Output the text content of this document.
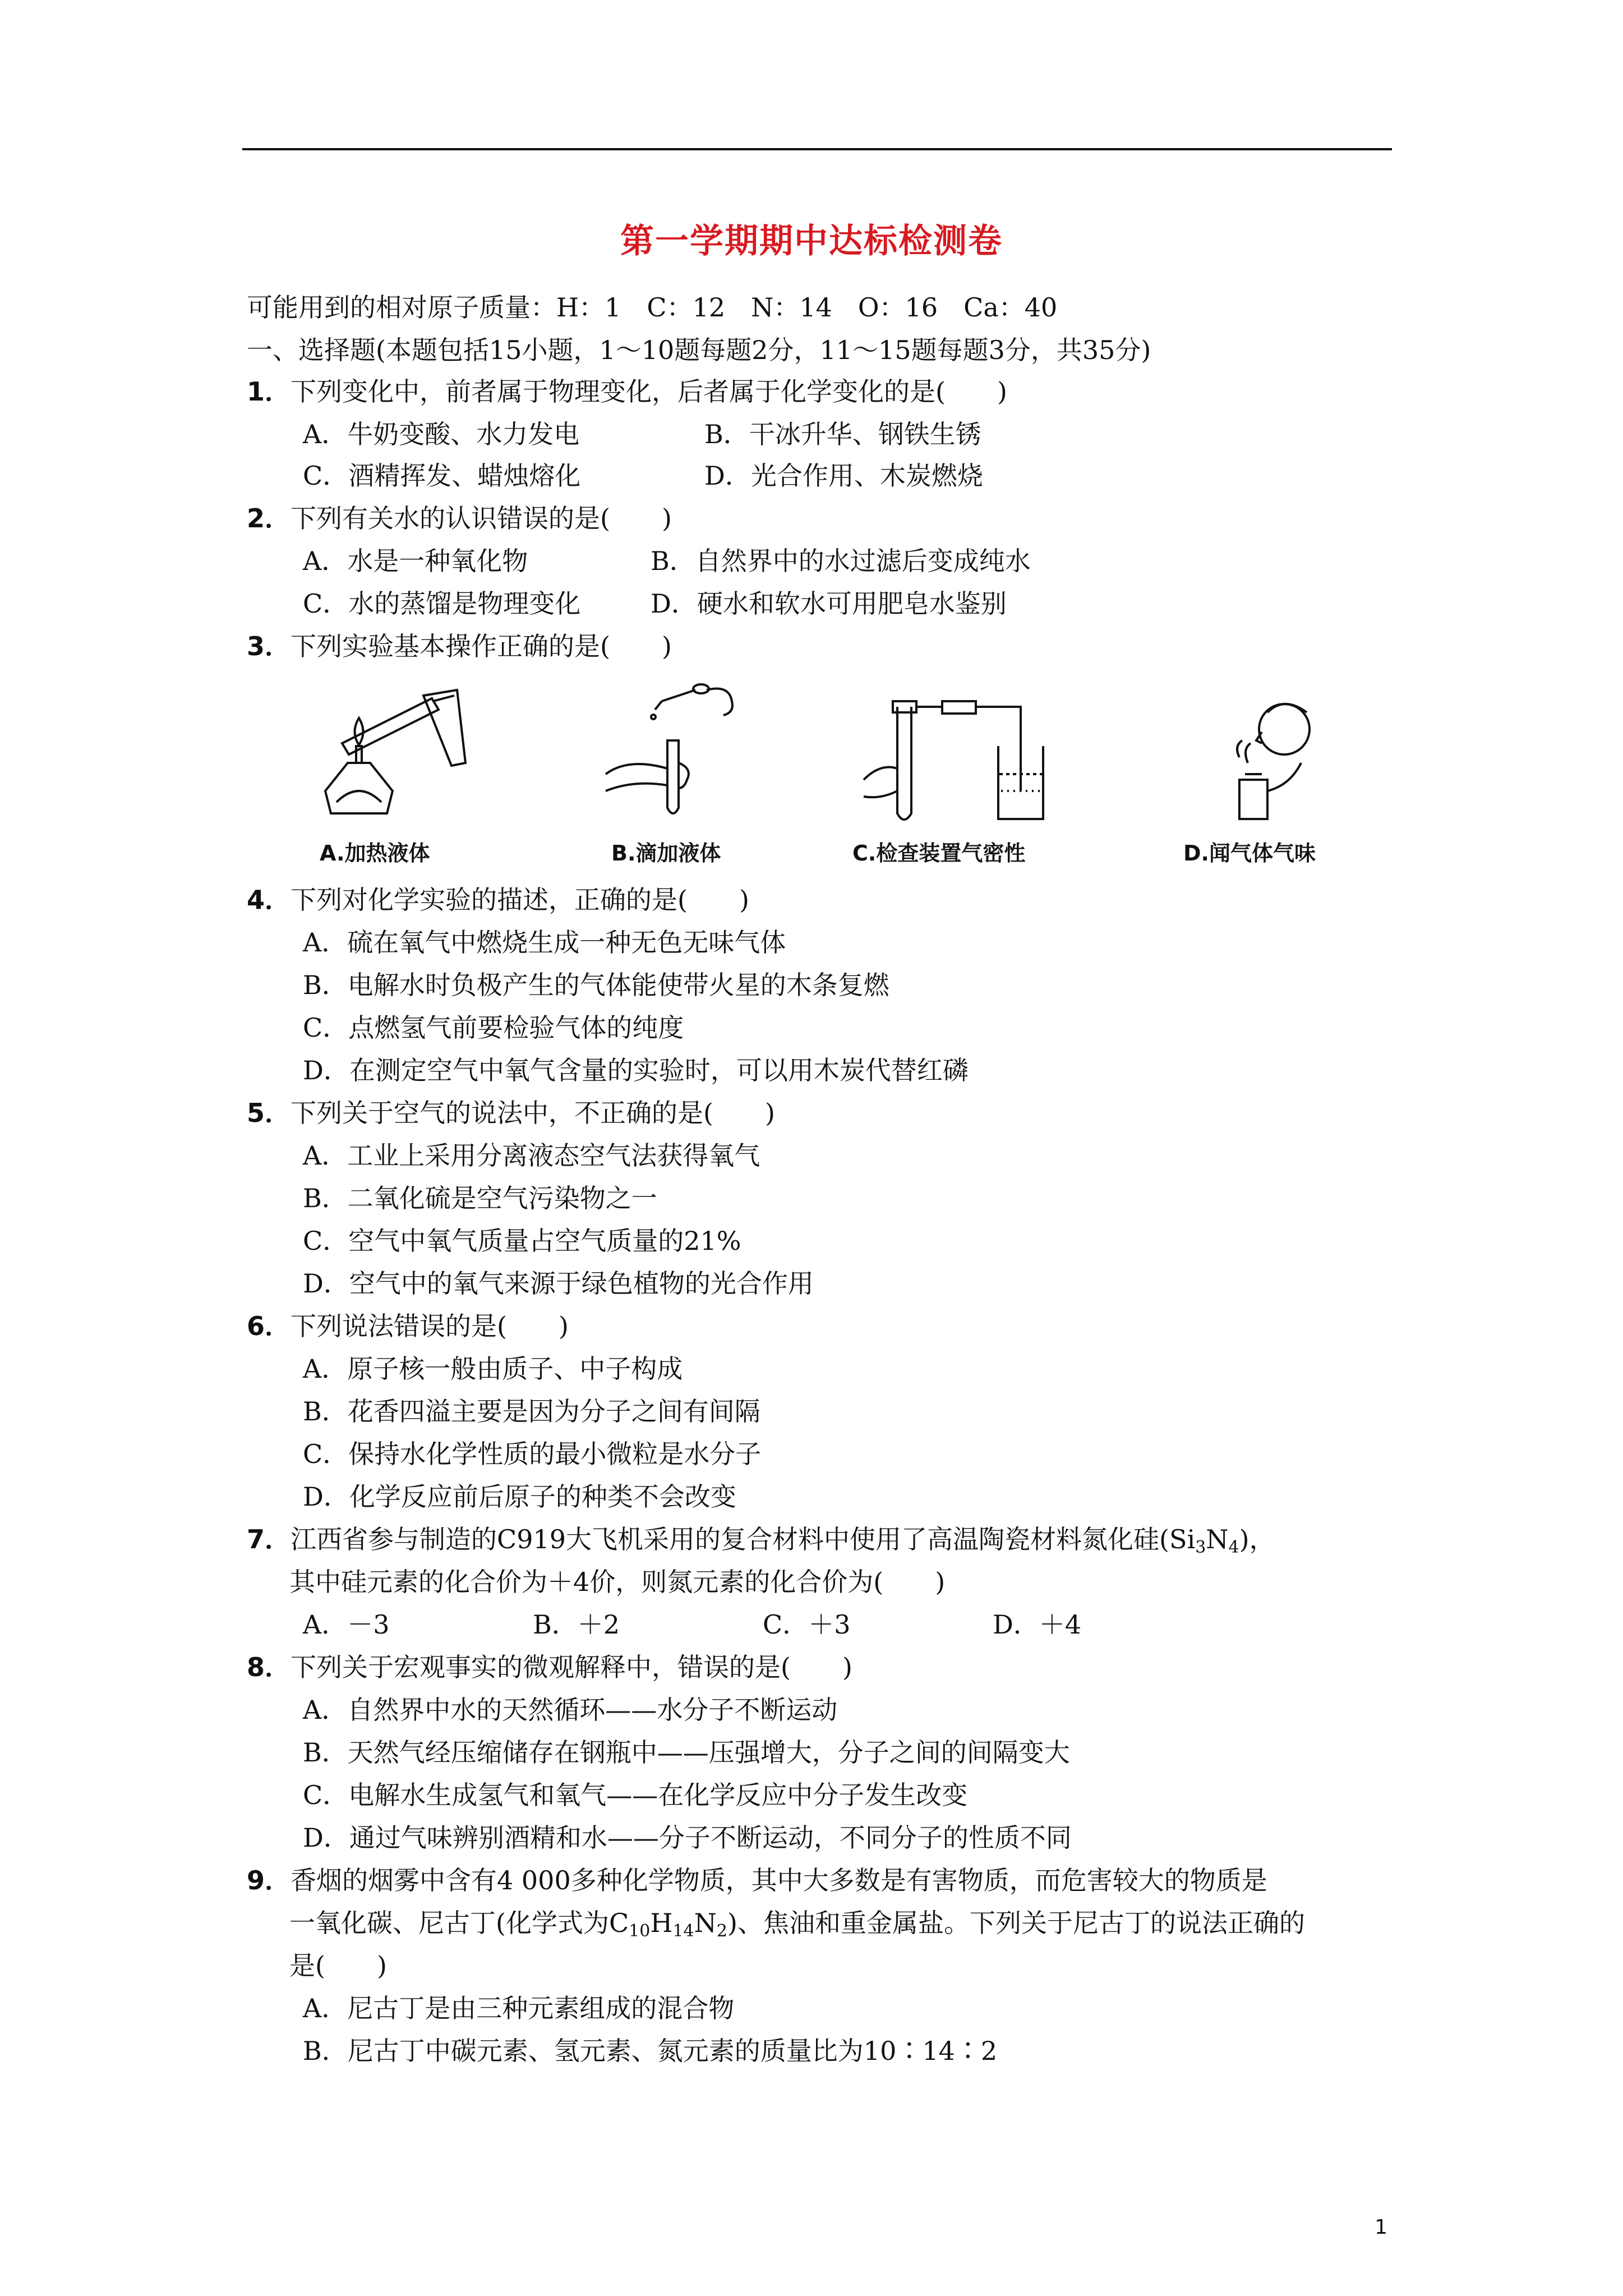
第一学期期中达标检测卷
可能用到的相对原子质量：H：1　C：12　N：14　O：16　Ca：40
一、选择题(本题包括15小题，1～10题每题2分，11～15题每题3分，共35分)
1．下列变化中，前者属于物理变化，后者属于化学变化的是(　　)
A．牛奶变酸、水力发电	B．干冰升华、钢铁生锈
C．酒精挥发、蜡烛熔化	D．光合作用、木炭燃烧
2．下列有关水的认识错误的是(　　)
A．水是一种氧化物	B．自然界中的水过滤后变成纯水
C．水的蒸馏是物理变化	D．硬水和软水可用肥皂水鉴别
3．下列实验基本操作正确的是(　　)
A.加热液体	B.滴加液体	C.检查装置气密性	D.闻气体气味
4．下列对化学实验的描述，正确的是(　　)
A．硫在氧气中燃烧生成一种无色无味气体
B．电解水时负极产生的气体能使带火星的木条复燃
C．点燃氢气前要检验气体的纯度
D．在测定空气中氧气含量的实验时，可以用木炭代替红磷
5．下列关于空气的说法中，不正确的是(　　)
A．工业上采用分离液态空气法获得氧气
B．二氧化硫是空气污染物之一
C．空气中氧气质量占空气质量的21%
D．空气中的氧气来源于绿色植物的光合作用
6．下列说法错误的是(　　)
A．原子核一般由质子、中子构成
B．花香四溢主要是因为分子之间有间隔
C．保持水化学性质的最小微粒是水分子
D．化学反应前后原子的种类不会改变
7．江西省参与制造的C919大飞机采用的复合材料中使用了高温陶瓷材料氮化硅$(Si_3N_4)$，
其中硅元素的化合价为＋4价，则氮元素的化合价为(　　)
A．－3	B．＋2	C．＋3	D．＋4
8．下列关于宏观事实的微观解释中，错误的是(　　)
A．自然界中水的天然循环——水分子不断运动
B．天然气经压缩储存在钢瓶中——压强增大，分子之间的间隔变大
C．电解水生成氢气和氧气——在化学反应中分子发生改变
D．通过气味辨别酒精和水——分子不断运动，不同分子的性质不同
9．香烟的烟雾中含有4 000多种化学物质，其中大多数是有害物质，而危害较大的物质是
一氧化碳、尼古丁(化学式为$C_{10}H_{14}N_2$)、焦油和重金属盐。下列关于尼古丁的说法正确的
是(　　)
A．尼古丁是由三种元素组成的混合物
B．尼古丁中碳元素、氢元素、氮元素的质量比为10∶14∶2
1
